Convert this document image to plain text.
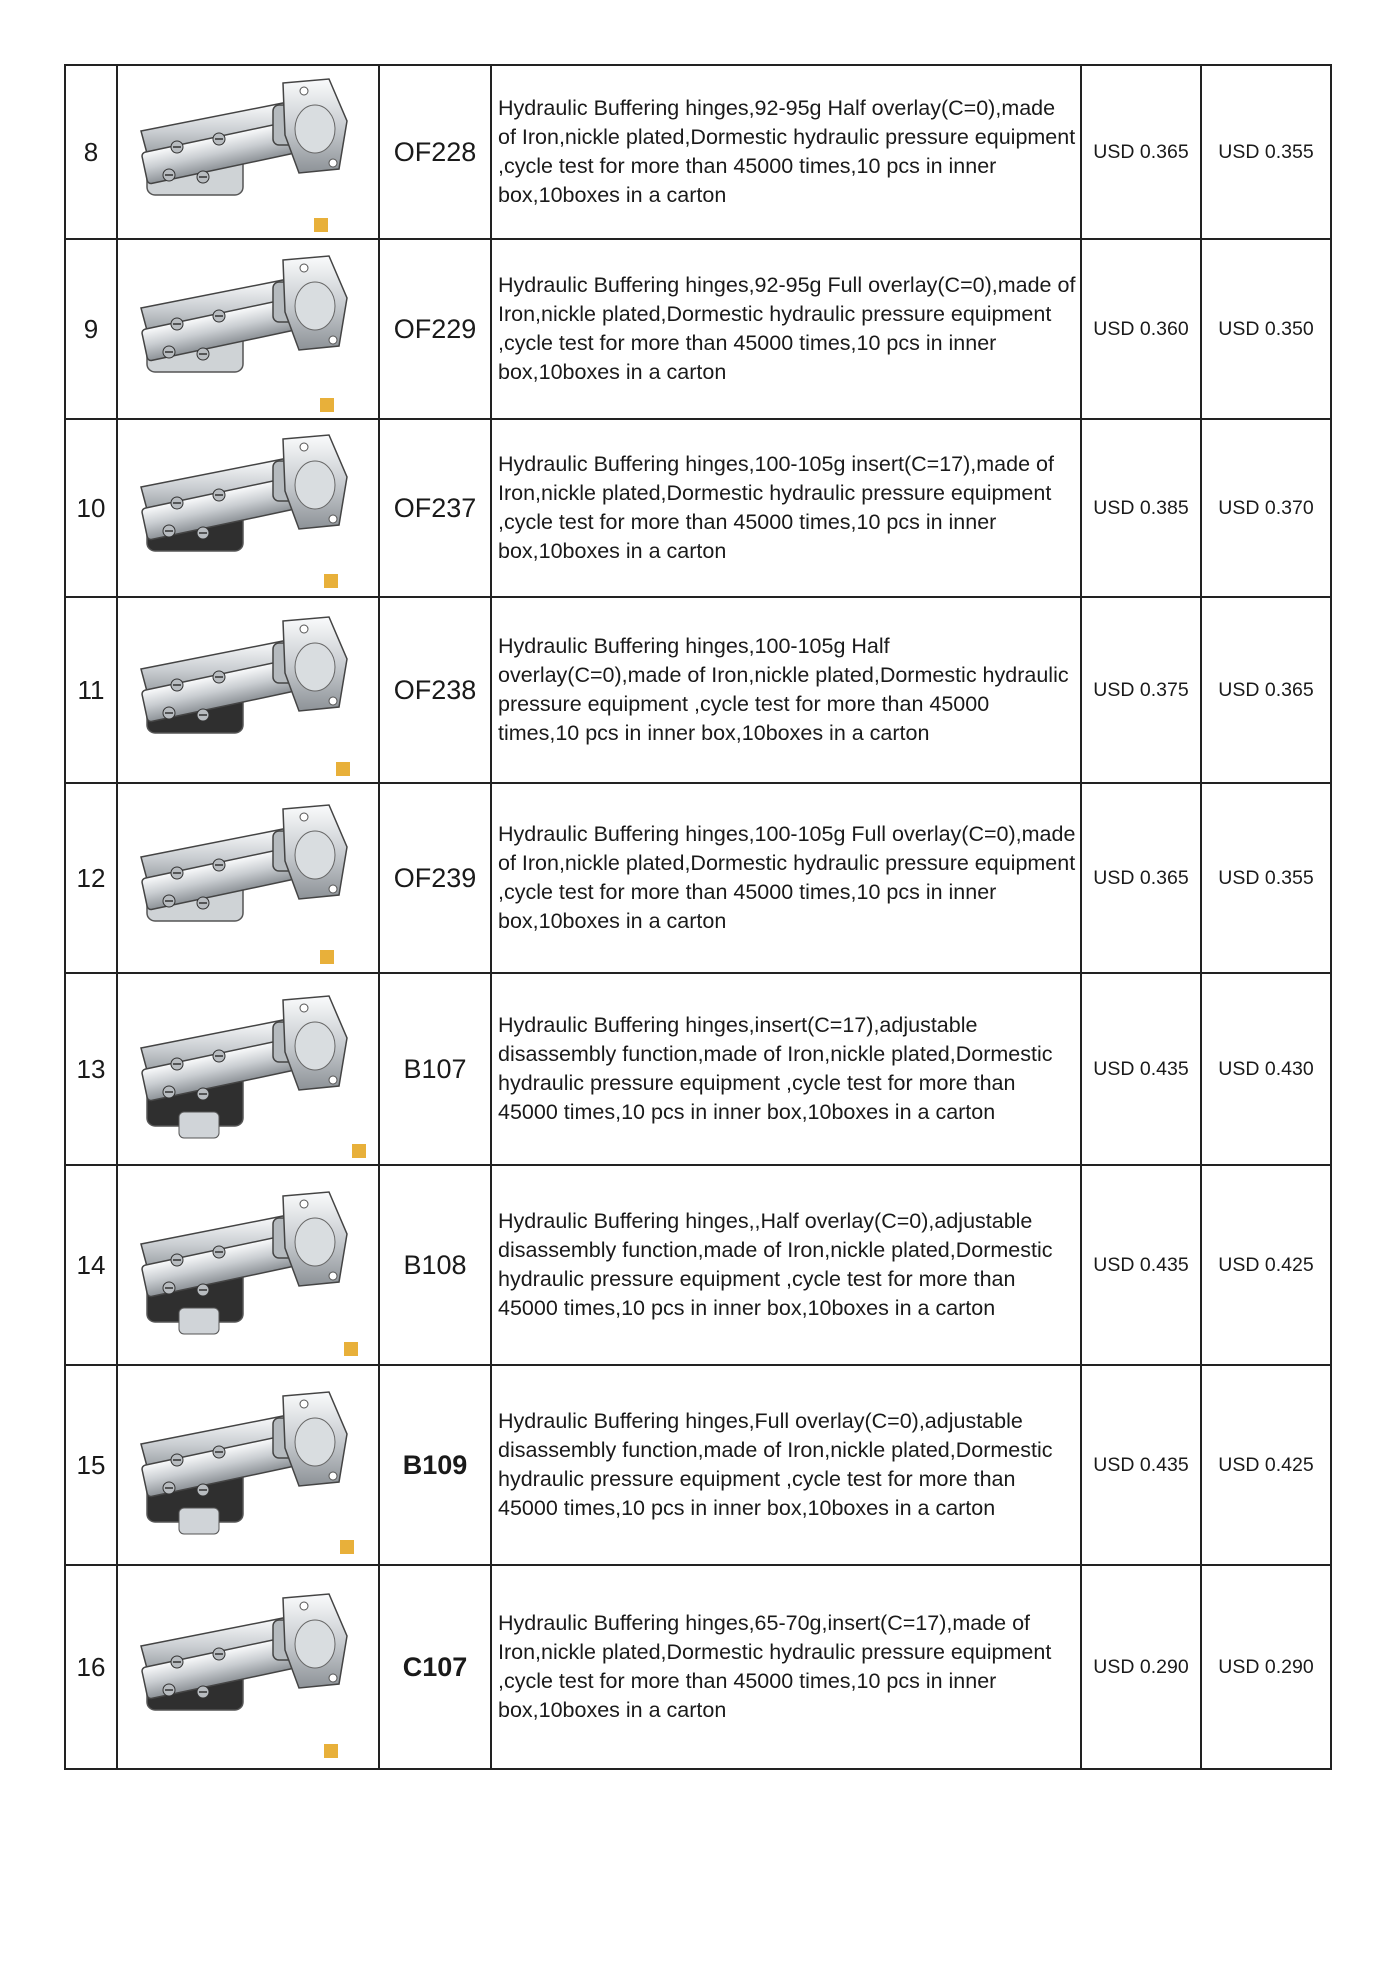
8		OF228	Hydraulic Buffering hinges,92-95g Half overlay(C=0),made of Iron,nickle plated,Dormestic hydraulic pressure equipment ,cycle test for more than 45000 times,10 pcs in inner box,10boxes in a carton	USD 0.365	USD 0.355
9		OF229	Hydraulic Buffering hinges,92-95g Full overlay(C=0),made of Iron,nickle plated,Dormestic hydraulic pressure equipment ,cycle test for more than 45000 times,10 pcs in inner box,10boxes in a carton	USD 0.360	USD 0.350
10		OF237	Hydraulic Buffering hinges,100-105g insert(C=17),made of Iron,nickle plated,Dormestic hydraulic pressure equipment ,cycle test for more than 45000 times,10 pcs in inner box,10boxes in a carton	USD 0.385	USD 0.370
11		OF238	Hydraulic Buffering hinges,100-105g Half overlay(C=0),made of Iron,nickle plated,Dormestic hydraulic pressure equipment ,cycle test for more than 45000 times,10 pcs in inner box,10boxes in a carton	USD 0.375	USD 0.365
12		OF239	Hydraulic Buffering hinges,100-105g Full overlay(C=0),made of Iron,nickle plated,Dormestic hydraulic pressure equipment ,cycle test for more than 45000 times,10 pcs in inner box,10boxes in a carton	USD 0.365	USD 0.355
13		B107	Hydraulic Buffering hinges,insert(C=17),adjustable disassembly function,made of Iron,nickle plated,Dormestic hydraulic pressure equipment ,cycle test for more than 45000 times,10 pcs in inner box,10boxes in a carton	USD 0.435	USD 0.430
14		B108	Hydraulic Buffering hinges,,Half overlay(C=0),adjustable disassembly function,made of Iron,nickle plated,Dormestic hydraulic pressure equipment ,cycle test for more than 45000 times,10 pcs in inner box,10boxes in a carton	USD 0.435	USD 0.425
15		B109	Hydraulic Buffering hinges,Full overlay(C=0),adjustable disassembly function,made of Iron,nickle plated,Dormestic hydraulic pressure equipment ,cycle test for more than 45000 times,10 pcs in inner box,10boxes in a carton	USD 0.435	USD 0.425
16		C107	Hydraulic Buffering hinges,65-70g,insert(C=17),made of Iron,nickle plated,Dormestic hydraulic pressure equipment ,cycle test for more than 45000 times,10 pcs in inner box,10boxes in a carton	USD 0.290	USD 0.290
